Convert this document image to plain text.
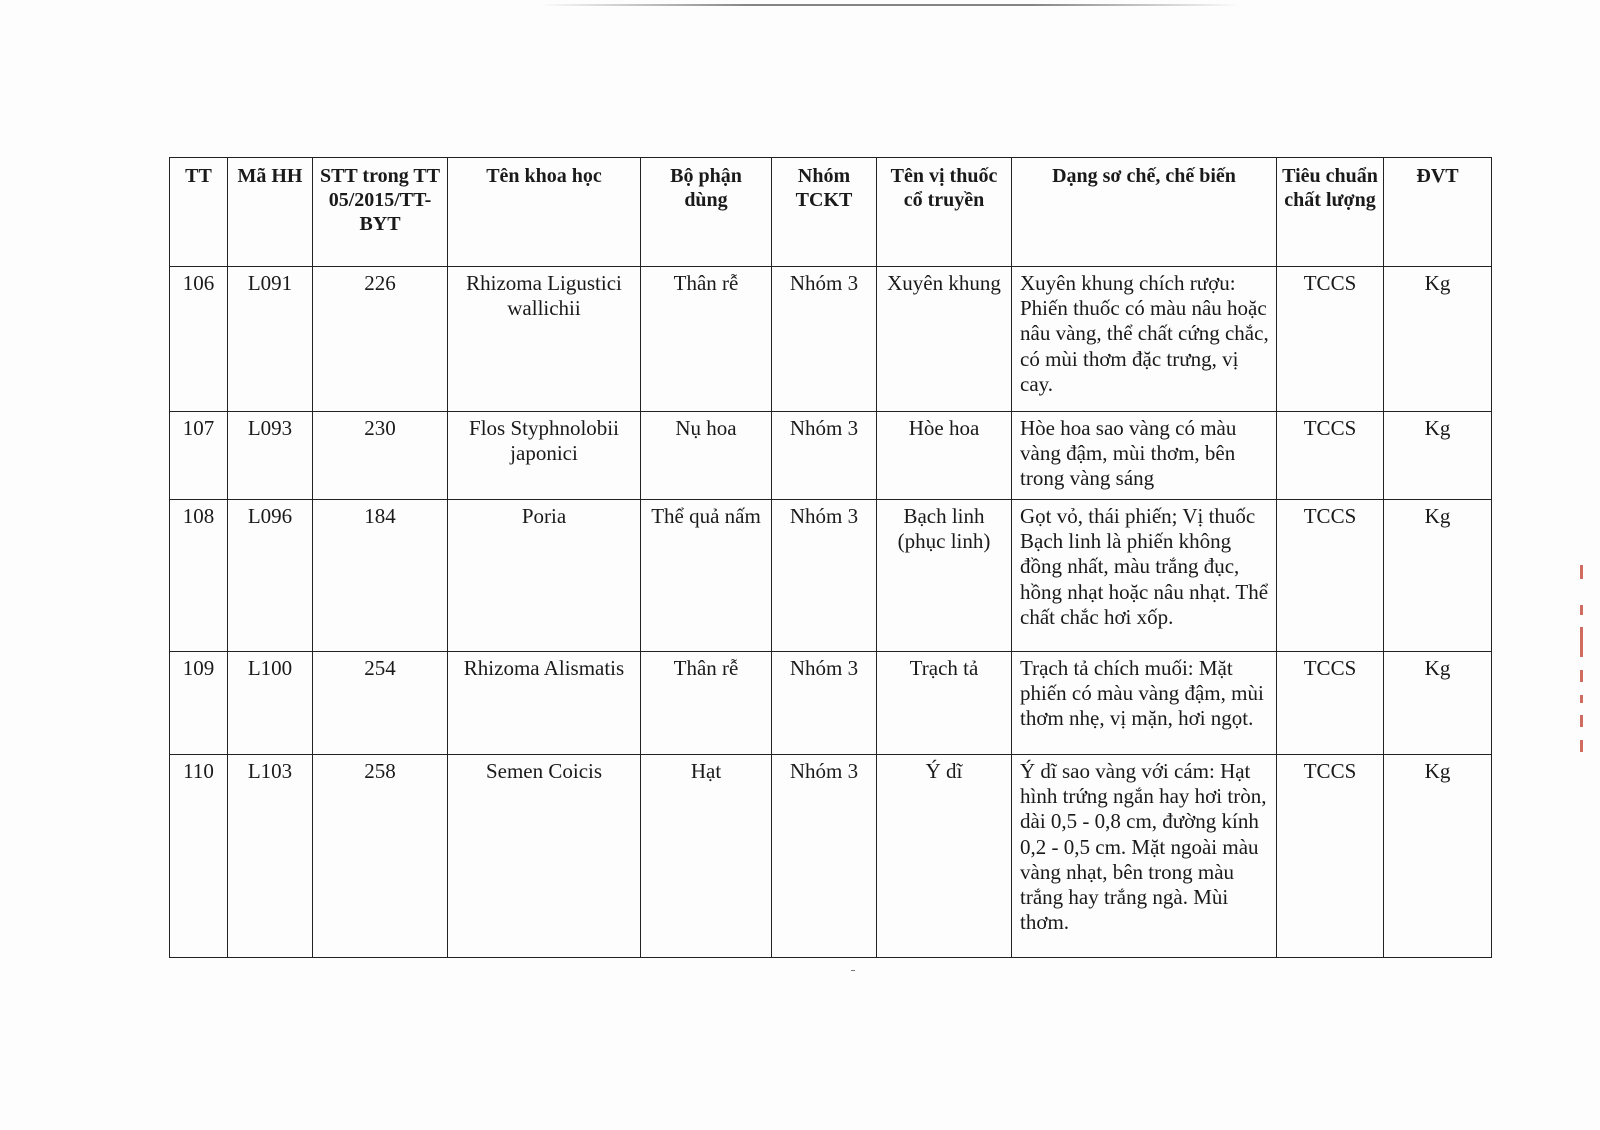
TT	Mã HH	STT trong TT 05/2015/TT-BYT	Tên khoa học	Bộ phận dùng	Nhóm TCKT	Tên vị thuốc cổ truyền	Dạng sơ chế, chế biến	Tiêu chuẩn chất lượng	ĐVT
106	L091	226	Rhizoma Ligustici wallichii	Thân rễ	Nhóm 3	Xuyên khung	Xuyên khung chích rượu: Phiến thuốc có màu nâu hoặc nâu vàng, thể chất cứng chắc, có mùi thơm đặc trưng, vị cay.	TCCS	Kg
107	L093	230	Flos Styphnolobii japonici	Nụ hoa	Nhóm 3	Hòe hoa	Hòe hoa sao vàng có màu vàng đậm, mùi thơm, bên trong vàng sáng	TCCS	Kg
108	L096	184	Poria	Thể quả nấm	Nhóm 3	Bạch linh (phục linh)	Gọt vỏ, thái phiến; Vị thuốc Bạch linh là phiến không đồng nhất, màu trắng đục, hồng nhạt hoặc nâu nhạt. Thể chất chắc hơi xốp.	TCCS	Kg
109	L100	254	Rhizoma Alismatis	Thân rễ	Nhóm 3	Trạch tả	Trạch tả chích muối: Mặt phiến có màu vàng đậm, mùi thơm nhẹ, vị mặn, hơi ngọt.	TCCS	Kg
110	L103	258	Semen Coicis	Hạt	Nhóm 3	Ý dĩ	Ý dĩ sao vàng với cám: Hạt hình trứng ngắn hay hơi tròn, dài 0,5 - 0,8 cm, đường kính 0,2 - 0,5 cm. Mặt ngoài màu vàng nhạt, bên trong màu trắng hay trắng ngà. Mùi thơm.	TCCS	Kg
